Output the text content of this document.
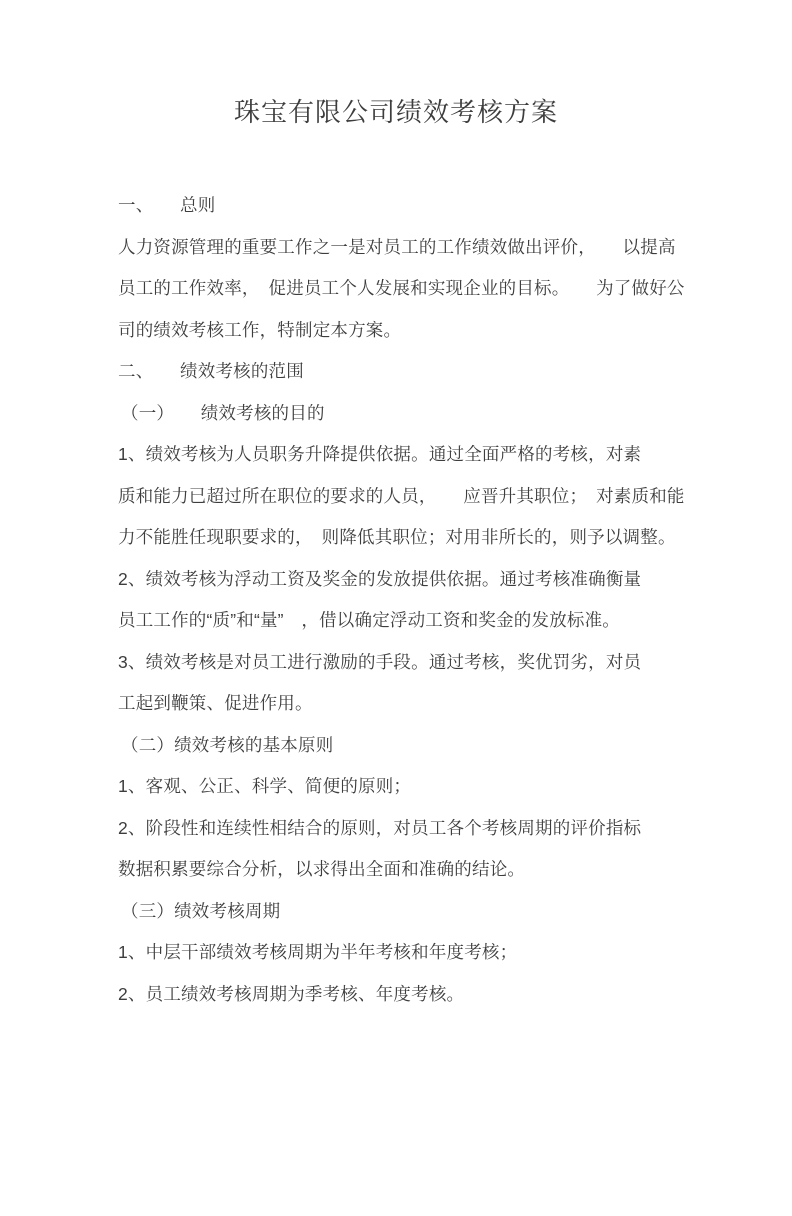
珠宝有限公司绩效考核方案
一、　　总则
人力资源管理的重要工作之一是对员工的工作绩效做出评价，　　以提高
员工的工作效率，　促进员工个人发展和实现企业的目标。　　为了做好公
司的绩效考核工作，特制定本方案。
二、　　绩效考核的范围
（一）　　绩效考核的目的
1、绩效考核为人员职务升降提供依据。通过全面严格的考核，对素
质和能力已超过所在职位的要求的人员，　　应晋升其职位；　对素质和能
力不能胜任现职要求的，　则降低其职位；对用非所长的，则予以调整。
2、绩效考核为浮动工资及奖金的发放提供依据。通过考核准确衡量
员工工作的“质”和“量”　，借以确定浮动工资和奖金的发放标准。
3、绩效考核是对员工进行激励的手段。通过考核，奖优罚劣，对员
工起到鞭策、促进作用。
（二）绩效考核的基本原则
1、客观、公正、科学、简便的原则；
2、阶段性和连续性相结合的原则，对员工各个考核周期的评价指标
数据积累要综合分析，以求得出全面和准确的结论。
（三）绩效考核周期
1、中层干部绩效考核周期为半年考核和年度考核；
2、员工绩效考核周期为季考核、年度考核。
